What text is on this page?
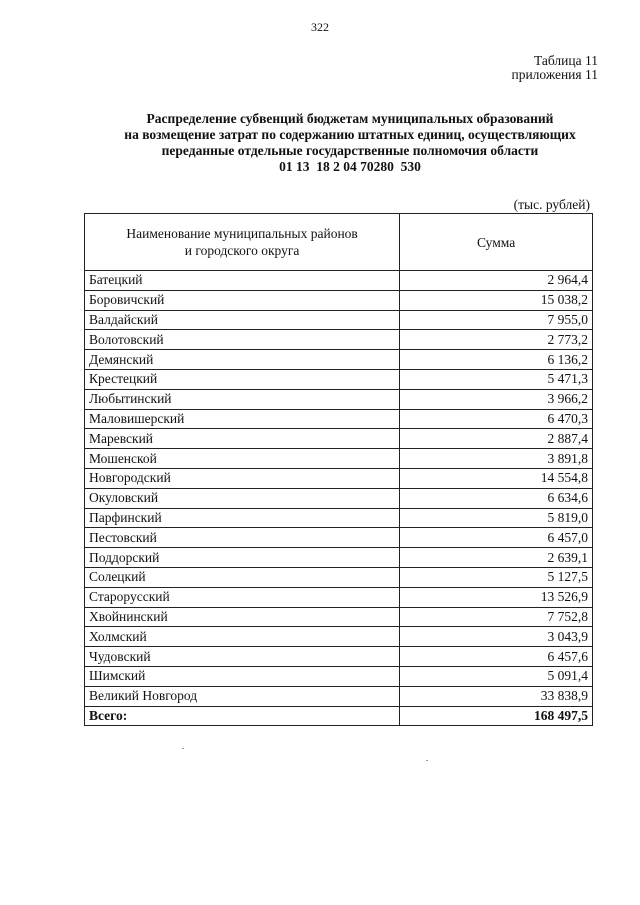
322
Таблица 11
приложения 11
Распределение субвенций бюджетам муниципальных образований
на возмещение затрат по содержанию штатных единиц, осуществляющих
переданные отдельные государственные полномочия области
01 13  18 2 04 70280  530
(тыс. рублей)
Наименование муниципальных районов
и городского округа	Сумма
Батецкий	2 964,4
Боровичский	15 038,2
Валдайский	7 955,0
Волотовский	2 773,2
Демянский	6 136,2
Крестецкий	5 471,3
Любытинский	3 966,2
Маловишерский	6 470,3
Маревский	2 887,4
Мошенской	3 891,8
Новгородский	14 554,8
Окуловский	6 634,6
Парфинский	5 819,0
Пестовский	6 457,0
Поддорский	2 639,1
Солецкий	5 127,5
Старорусский	13 526,9
Хвойнинский	7 752,8
Холмский	3 043,9
Чудовский	6 457,6
Шимский	5 091,4
Великий Новгород	33 838,9
Всего:	168 497,5
